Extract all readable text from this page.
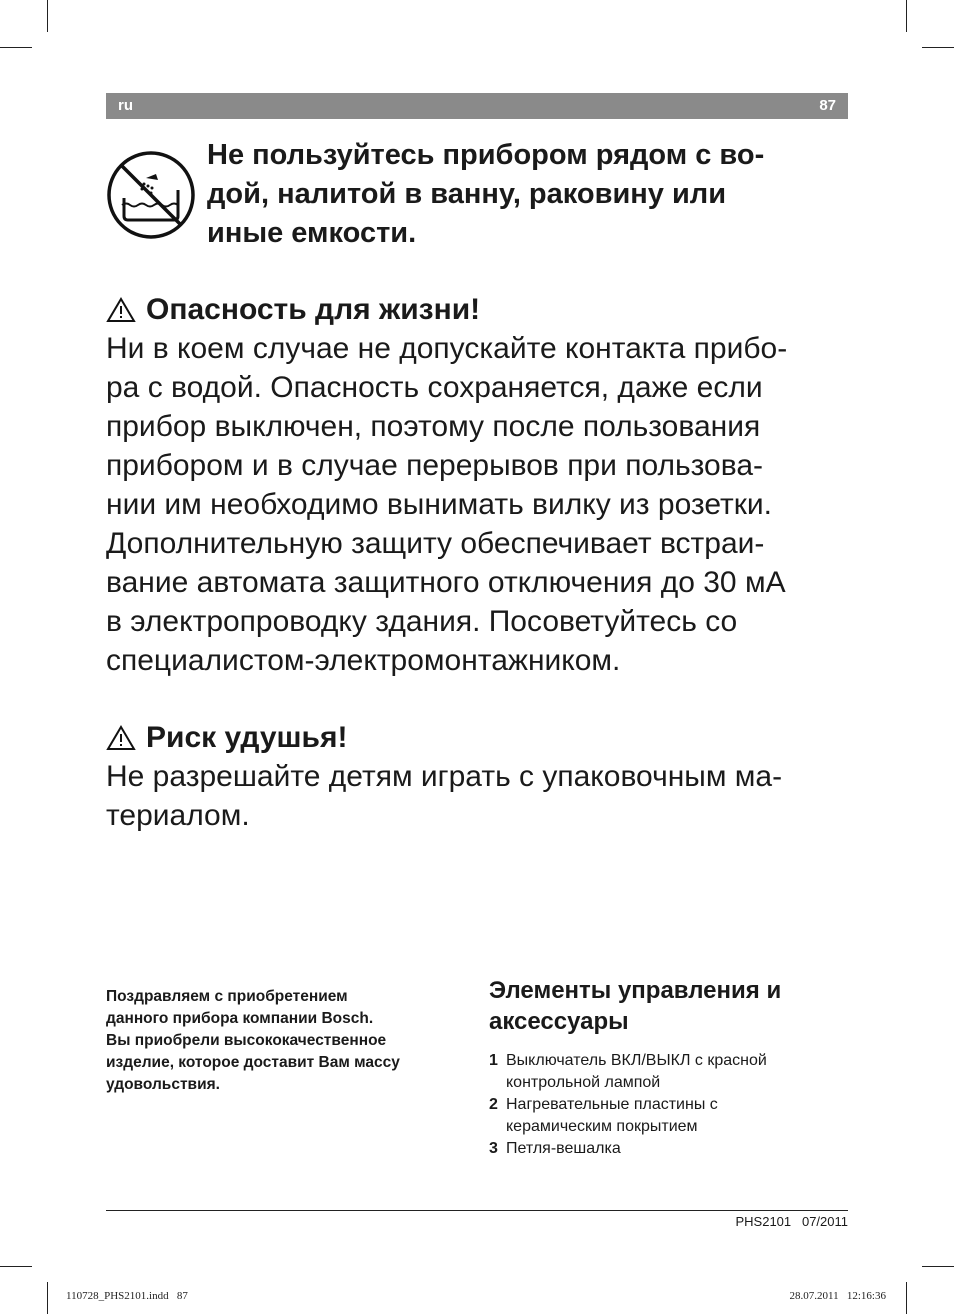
ru	87
Не пользуйтесь прибором рядом с во-
дой, налитой в ванну, раковину или
иные емкости.
Опасность для жизни!
Ни в коем случае не допускайте контакта прибо-
ра с водой. Опасность сохраняется, даже если
прибор выключен, поэтому после пользования
прибором и в случае перерывов при пользова-
нии им необходимо вынимать вилку из розетки.
Дополнительную защиту обеспечивает встраи-
вание автомата защитного отключения до 30 мА
в электропроводку здания. Посоветуйтесь со
специалистом-электромонтажником.
Риск удушья!
Не разрешайте детям играть с упаковочным ма-
териалом.
Поздравляем с приобретением
данного прибора компании Bosch.
Вы приобрели высококачественное
изделие, которое доставит Вам массу
удовольствия.
Элементы управления и
аксессуары
1 Выключатель ВКЛ/ВЫКЛ с красной
контрольной лампой
2 Нагревательные пластины с
керамическим покрытием
3 Петля-вешалка
PHS2101   07/2011
110728_PHS2101.indd   87	28.07.2011   12:16:36
